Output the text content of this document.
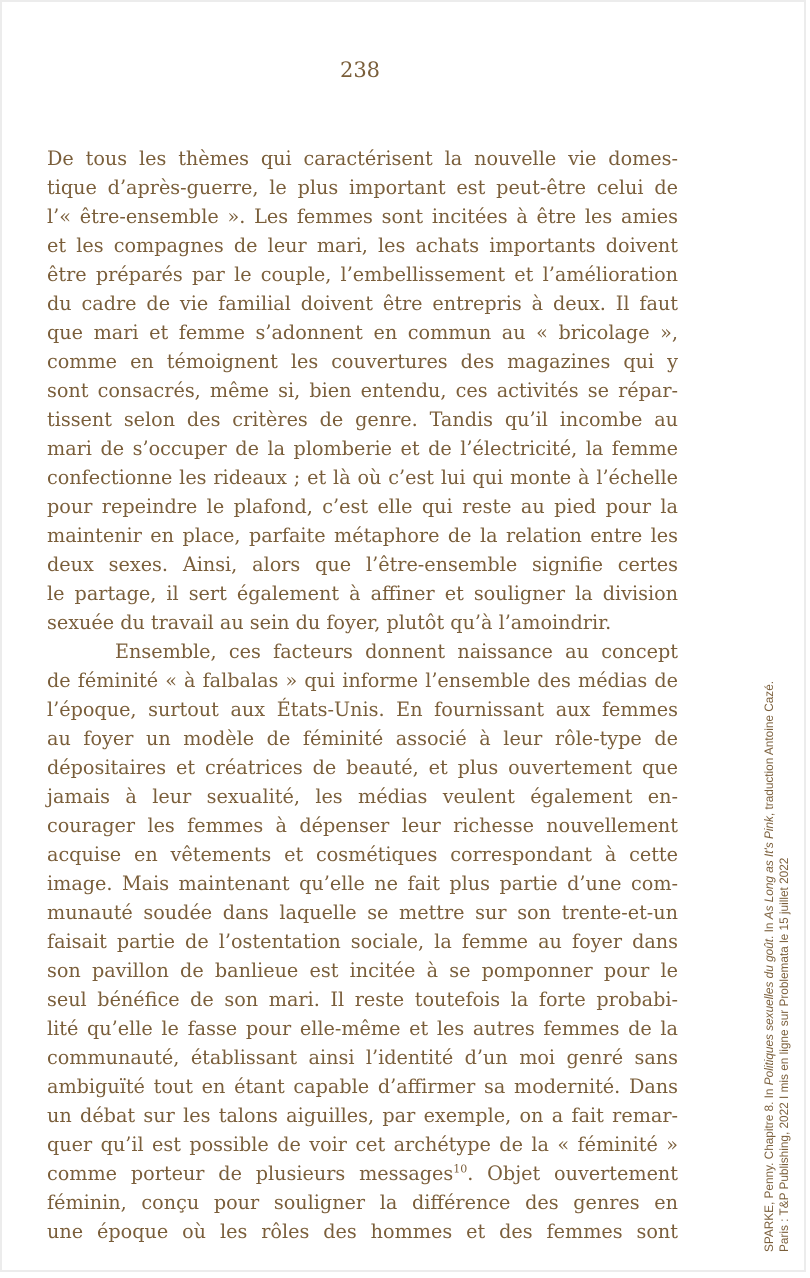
238
De tous les thèmes qui caractérisent la nouvelle vie domes-
tique d’après-guerre, le plus important est peut-être celui de
l’« être-ensemble ». Les femmes sont incitées à être les amies
et les compagnes de leur mari, les achats importants doivent
être préparés par le couple, l’embellissement et l’amélioration
du cadre de vie familial doivent être entrepris à deux. Il faut
que mari et femme s’adonnent en commun au « bricolage »,
comme en témoignent les couvertures des magazines qui y
sont consacrés, même si, bien entendu, ces activités se répar-
tissent selon des critères de genre. Tandis qu’il incombe au
mari de s’occuper de la plomberie et de l’électricité, la femme
confectionne les rideaux ; et là où c’est lui qui monte à l’échelle
pour repeindre le plafond, c’est elle qui reste au pied pour la
maintenir en place, parfaite métaphore de la relation entre les
deux sexes. Ainsi, alors que l’être-ensemble signifie certes
le partage, il sert également à affiner et souligner la division
sexuée du travail au sein du foyer, plutôt qu’à l’amoindrir.
Ensemble, ces facteurs donnent naissance au concept
de féminité « à falbalas » qui informe l’ensemble des médias de
l’époque, surtout aux États-Unis. En fournissant aux femmes
au foyer un modèle de féminité associé à leur rôle-type de
dépositaires et créatrices de beauté, et plus ouvertement que
jamais à leur sexualité, les médias veulent également en-
courager les femmes à dépenser leur richesse nouvellement
acquise en vêtements et cosmétiques correspondant à cette
image. Mais maintenant qu’elle ne fait plus partie d’une com-
munauté soudée dans laquelle se mettre sur son trente-et-un
faisait partie de l’ostentation sociale, la femme au foyer dans
son pavillon de banlieue est incitée à se pomponner pour le
seul bénéfice de son mari. Il reste toutefois la forte probabi-
lité qu’elle le fasse pour elle-même et les autres femmes de la
communauté, établissant ainsi l’identité d’un moi genré sans
ambiguïté tout en étant capable d’affirmer sa modernité. Dans
un débat sur les talons aiguilles, par exemple, on a fait remar-
quer qu’il est possible de voir cet archétype de la « féminité »
comme porteur de plusieurs messages$^{10}$. Objet ouvertement
féminin, conçu pour souligner la différence des genres en
une époque où les rôles des hommes et des femmes sont	SPARKE, Penny. Chapitre 8. In Politiques sexuelles du goût. In As Long as It's Pink, traduction Antoine Cazé.
Paris : T&P Publishing, 2022 I mis en ligne sur Problemata le 15 juillet 2022
